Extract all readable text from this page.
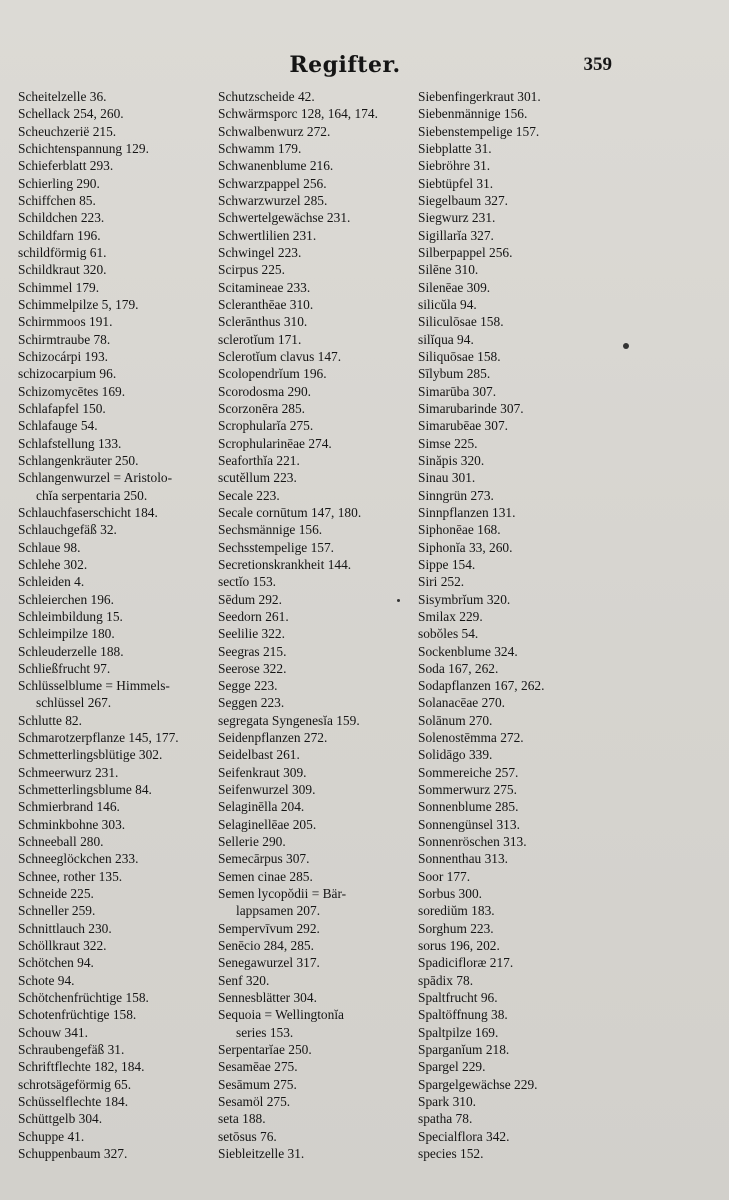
Regifter.	359
Scheitelzelle 36.
Schellack 254, 260.
Scheuchzerië 215.
Schichtenspannung 129.
Schieferblatt 293.
Schierling 290.
Schiffchen 85.
Schildchen 223.
Schildfarn 196.
schildförmig 61.
Schildkraut 320.
Schimmel 179.
Schimmelpilze 5, 179.
Schirmmoos 191.
Schirmtraube 78.
Schizocárpi 193.
schizocarpium 96.
Schizomycētes 169.
Schlafapfel 150.
Schlafauge 54.
Schlafstellung 133.
Schlangenkräuter 250.
Schlangenwurzel = Aristolo-
chĭa serpentaria 250.
Schlauchfaserschicht 184.
Schlauchgefäß 32.
Schlaue 98.
Schlehe 302.
Schleiden 4.
Schleierchen 196.
Schleimbildung 15.
Schleimpilze 180.
Schleuderzelle 188.
Schließfrucht 97.
Schlüsselblume = Himmels-
schlüssel 267.
Schlutte 82.
Schmarotzerpflanze 145, 177.
Schmetterlingsblütige 302.
Schmeerwurz 231.
Schmetterlingsblume 84.
Schmierbrand 146.
Schminkbohne 303.
Schneeball 280.
Schneeglöckchen 233.
Schnee, rother 135.
Schneide 225.
Schneller 259.
Schnittlauch 230.
Schöllkraut 322.
Schötchen 94.
Schote 94.
Schötchenfrüchtige 158.
Schotenfrüchtige 158.
Schouw 341.
Schraubengefäß 31.
Schriftflechte 182, 184.
schrotsägeförmig 65.
Schüsselflechte 184.
Schüttgelb 304.
Schuppe 41.
Schuppenbaum 327.
Schutzscheide 42.
Schwärmsporc 128, 164, 174.
Schwalbenwurz 272.
Schwamm 179.
Schwanenblume 216.
Schwarzpappel 256.
Schwarzwurzel 285.
Schwertelgewächse 231.
Schwertlilien 231.
Schwingel 223.
Scirpus 225.
Scitamineae 233.
Scleranthēae 310.
Sclerānthus 310.
sclerotĭum 171.
Sclerotĭum clavus 147.
Scolopendrĭum 196.
Scorodosma 290.
Scorzonēra 285.
Scrophularĭa 275.
Scrophularinēae 274.
Seaforthĭa 221.
scutĕllum 223.
Secale 223.
Secale cornūtum 147, 180.
Sechsmännige 156.
Sechsstempelige 157.
Secretionskrankheit 144.
sectĭo 153.
Sēdum 292.
Seedorn 261.
Seelilie 322.
Seegras 215.
Seerose 322.
Segge 223.
Seggen 223.
segregata Syngenesĭa 159.
Seidenpflanzen 272.
Seidelbast 261.
Seifenkraut 309.
Seifenwurzel 309.
Selaginēlla 204.
Selaginellēae 205.
Sellerie 290.
Semecārpus 307.
Semen cinae 285.
Semen lycopŏdii = Bär-
lappsamen 207.
Sempervīvum 292.
Senēcio 284, 285.
Senegawurzel 317.
Senf 320.
Sennesblätter 304.
Sequoia = Wellingtonĭa
series 153.
Serpentarĭae 250.
Sesamēae 275.
Sesāmum 275.
Sesamöl 275.
seta 188.
setōsus 76.
Siebleitzelle 31.
Siebenfingerkraut 301.
Siebenmännige 156.
Siebenstempelige 157.
Siebplatte 31.
Siebröhre 31.
Siebtüpfel 31.
Siegelbaum 327.
Siegwurz 231.
Sigillarĭa 327.
Silberpappel 256.
Silēne 310.
Silenēae 309.
silicŭla 94.
Siliculōsae 158.
silĭqua 94.
Siliquōsae 158.
Sīlybum 285.
Simarūba 307.
Simarubarinde 307.
Simarubēae 307.
Simse 225.
Sinăpis 320.
Sinau 301.
Sinngrün 273.
Sinnpflanzen 131.
Siphonēae 168.
Siphonĭa 33, 260.
Sippe 154.
Siri 252.
Sisymbrĭum 320.
Smilax 229.
sobŏles 54.
Sockenblume 324.
Soda 167, 262.
Sodapflanzen 167, 262.
Solanacēae 270.
Solānum 270.
Solenostēmma 272.
Solidāgo 339.
Sommereiche 257.
Sommerwurz 275.
Sonnenblume 285.
Sonnengünsel 313.
Sonnenröschen 313.
Sonnenthau 313.
Soor 177.
Sorbus 300.
sorediŭm 183.
Sorghum 223.
sorus 196, 202.
Spadicifloræ 217.
spādix 78.
Spaltfrucht 96.
Spaltöffnung 38.
Spaltpilze 169.
Sparganĭum 218.
Spargel 229.
Spargelgewächse 229.
Spark 310.
spatha 78.
Specialflora 342.
species 152.
